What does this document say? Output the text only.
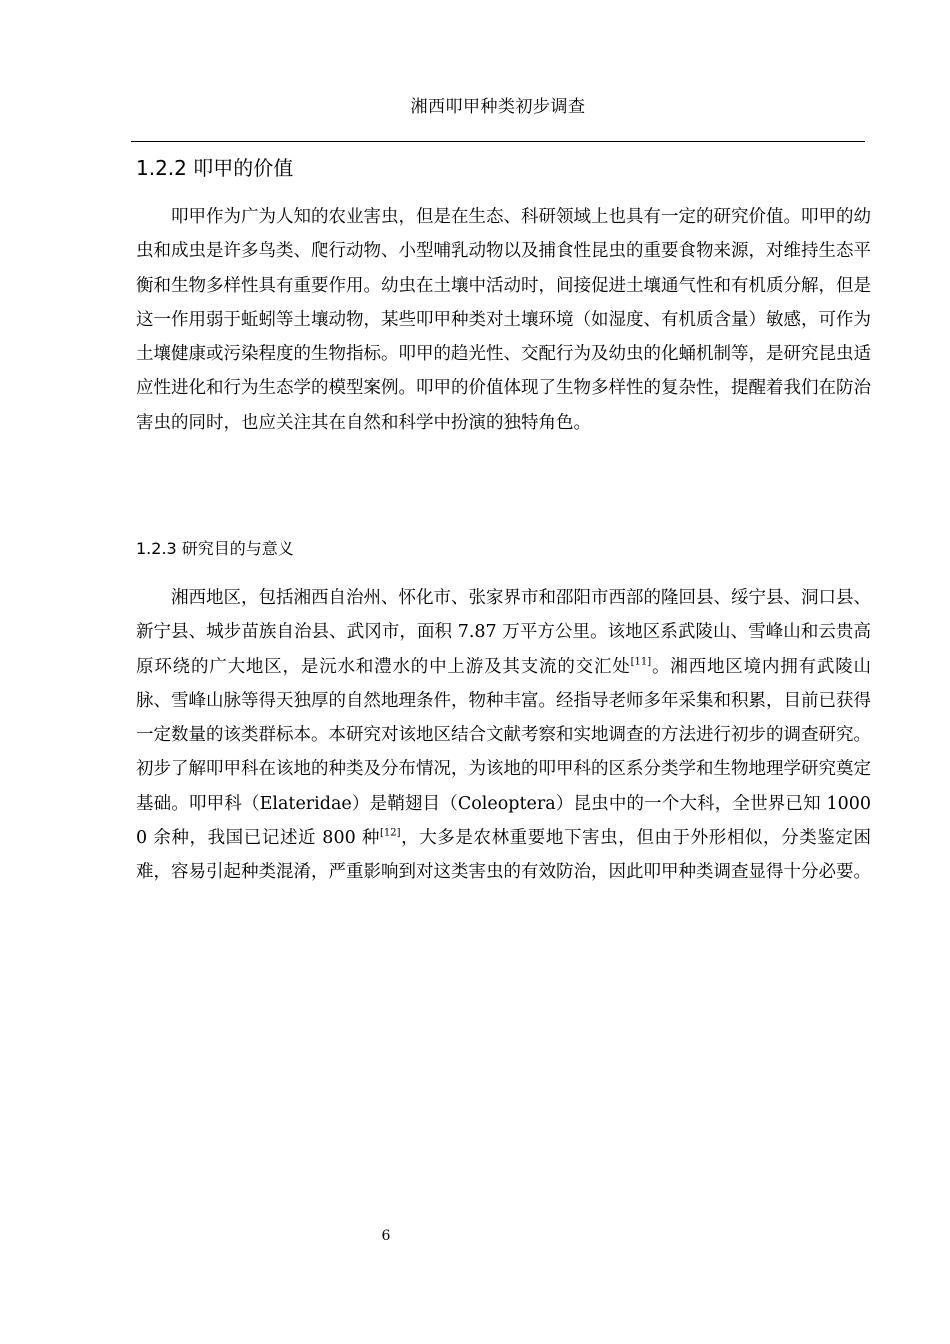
湘西叩甲种类初步调查
1.2.2 叩甲的价值

叩甲作为广为人知的农业害虫，但是在生态、科研领域上也具有一定的研究价值。叩甲的幼虫和成虫是许多鸟类、爬行动物、小型哺乳动物以及捕食性昆虫的重要食物来源，对维持生态平衡和生物多样性具有重要作用。幼虫在土壤中活动时，间接促进土壤通气性和有机质分解，但是这一作用弱于蚯蚓等土壤动物，某些叩甲种类对土壤环境（如湿度、有机质含量）敏感，可作为土壤健康或污染程度的生物指标。叩甲的趋光性、交配行为及幼虫的化蛹机制等，是研究昆虫适应性进化和行为生态学的模型案例。叩甲的价值体现了生物多样性的复杂性，提醒着我们在防治害虫的同时，也应关注其在自然和科学中扮演的独特角色。

1.2.3 研究目的与意义

湘西地区，包括湘西自治州、怀化市、张家界市和邵阳市西部的隆回县、绥宁县、洞口县、新宁县、城步苗族自治县、武冈市，面积 7.87 万平方公里。该地区系武陵山、雪峰山和云贵高原环绕的广大地区，是沅水和澧水的中上游及其支流的交汇处[11]。湘西地区境内拥有武陵山脉、雪峰山脉等得天独厚的自然地理条件，物种丰富。经指导老师多年采集和积累，目前已获得一定数量的该类群标本。本研究对该地区结合文献考察和实地调查的方法进行初步的调查研究。初步了解叩甲科在该地的种类及分布情况，为该地的叩甲科的区系分类学和生物地理学研究奠定基础。叩甲科（Elateridae）是鞘翅目（Coleoptera）昆虫中的一个大科，全世界已知 10000 余种，我国已记述近 800 种[12]，大多是农林重要地下害虫，但由于外形相似，分类鉴定困难，容易引起种类混淆，严重影响到对这类害虫的有效防治，因此叩甲种类调查显得十分必要。

6
